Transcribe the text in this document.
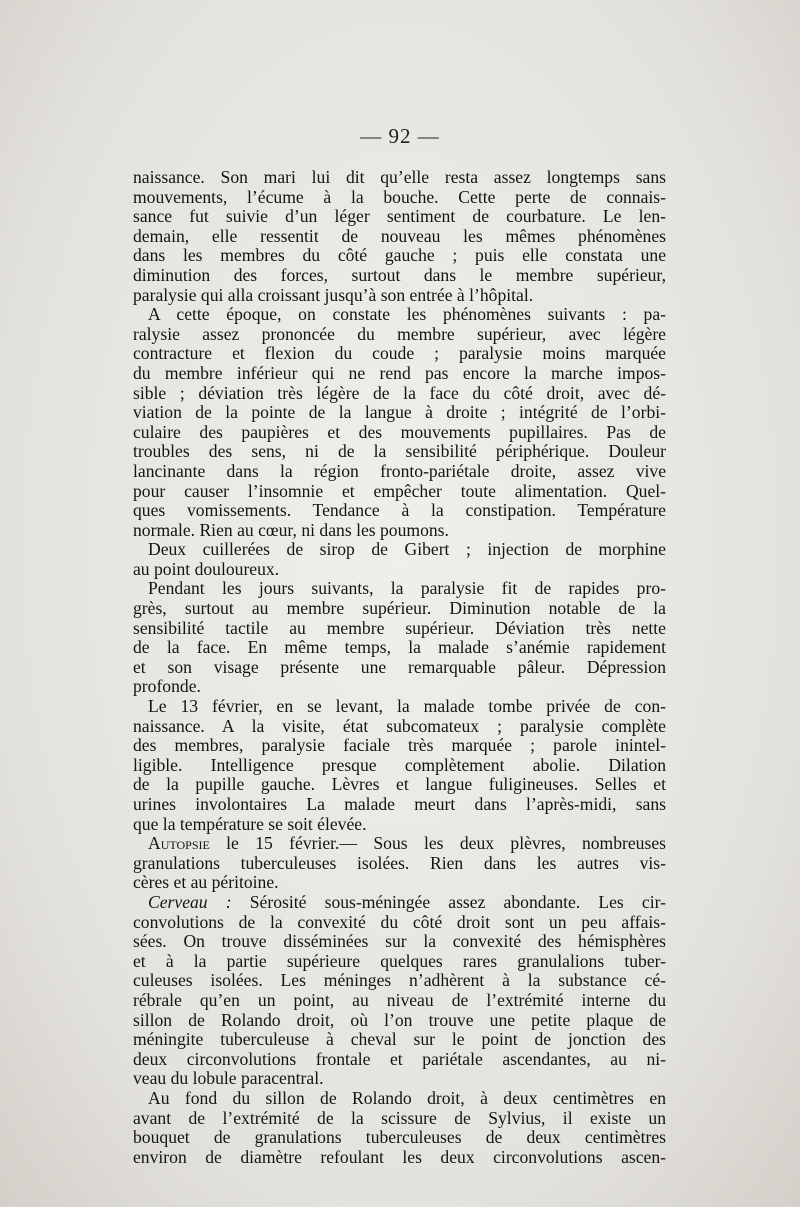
— 92 —
naissance. Son mari lui dit qu’elle resta assez longtemps sans
mouvements, l’écume à la bouche. Cette perte de connais-
sance fut suivie d’un léger sentiment de courbature. Le len-
demain, elle ressentit de nouveau les mêmes phénomènes
dans les membres du côté gauche ; puis elle constata une
diminution des forces, surtout dans le membre supérieur,
paralysie qui alla croissant jusqu’à son entrée à l’hôpital.
A cette époque, on constate les phénomènes suivants : pa-
ralysie assez prononcée du membre supérieur, avec légère
contracture et flexion du coude ; paralysie moins marquée
du membre inférieur qui ne rend pas encore la marche impos-
sible ; déviation très légère de la face du côté droit, avec dé-
viation de la pointe de la langue à droite ; intégrité de l’orbi-
culaire des paupières et des mouvements pupillaires. Pas de
troubles des sens, ni de la sensibilité périphérique. Douleur
lancinante dans la région fronto-pariétale droite, assez vive
pour causer l’insomnie et empêcher toute alimentation. Quel-
ques vomissements. Tendance à la constipation. Température
normale. Rien au cœur, ni dans les poumons.
Deux cuillerées de sirop de Gibert ; injection de morphine
au point douloureux.
Pendant les jours suivants, la paralysie fit de rapides pro-
grès, surtout au membre supérieur. Diminution notable de la
sensibilité tactile au membre supérieur. Déviation très nette
de la face. En même temps, la malade s’anémie rapidement
et son visage présente une remarquable pâleur. Dépression
profonde.
Le 13 février, en se levant, la malade tombe privée de con-
naissance. A la visite, état subcomateux ; paralysie complète
des membres, paralysie faciale très marquée ; parole inintel-
ligible. Intelligence presque complètement abolie. Dilation
de la pupille gauche. Lèvres et langue fuligineuses. Selles et
urines involontaires La malade meurt dans l’après-midi, sans
que la température se soit élevée.
Autopsie le 15 février.— Sous les deux plèvres, nombreuses
granulations tuberculeuses isolées. Rien dans les autres vis-
cères et au péritoine.
Cerveau : Sérosité sous-méningée assez abondante. Les cir-
convolutions de la convexité du côté droit sont un peu affais-
sées. On trouve disséminées sur la convexité des hémisphères
et à la partie supérieure quelques rares granulalions tuber-
culeuses isolées. Les méninges n’adhèrent à la substance cé-
rébrale qu’en un point, au niveau de l’extrémité interne du
sillon de Rolando droit, où l’on trouve une petite plaque de
méningite tuberculeuse à cheval sur le point de jonction des
deux circonvolutions frontale et pariétale ascendantes, au ni-
veau du lobule paracentral.
Au fond du sillon de Rolando droit, à deux centimètres en
avant de l’extrémité de la scissure de Sylvius, il existe un
bouquet de granulations tuberculeuses de deux centimètres
environ de diamètre refoulant les deux circonvolutions ascen-
